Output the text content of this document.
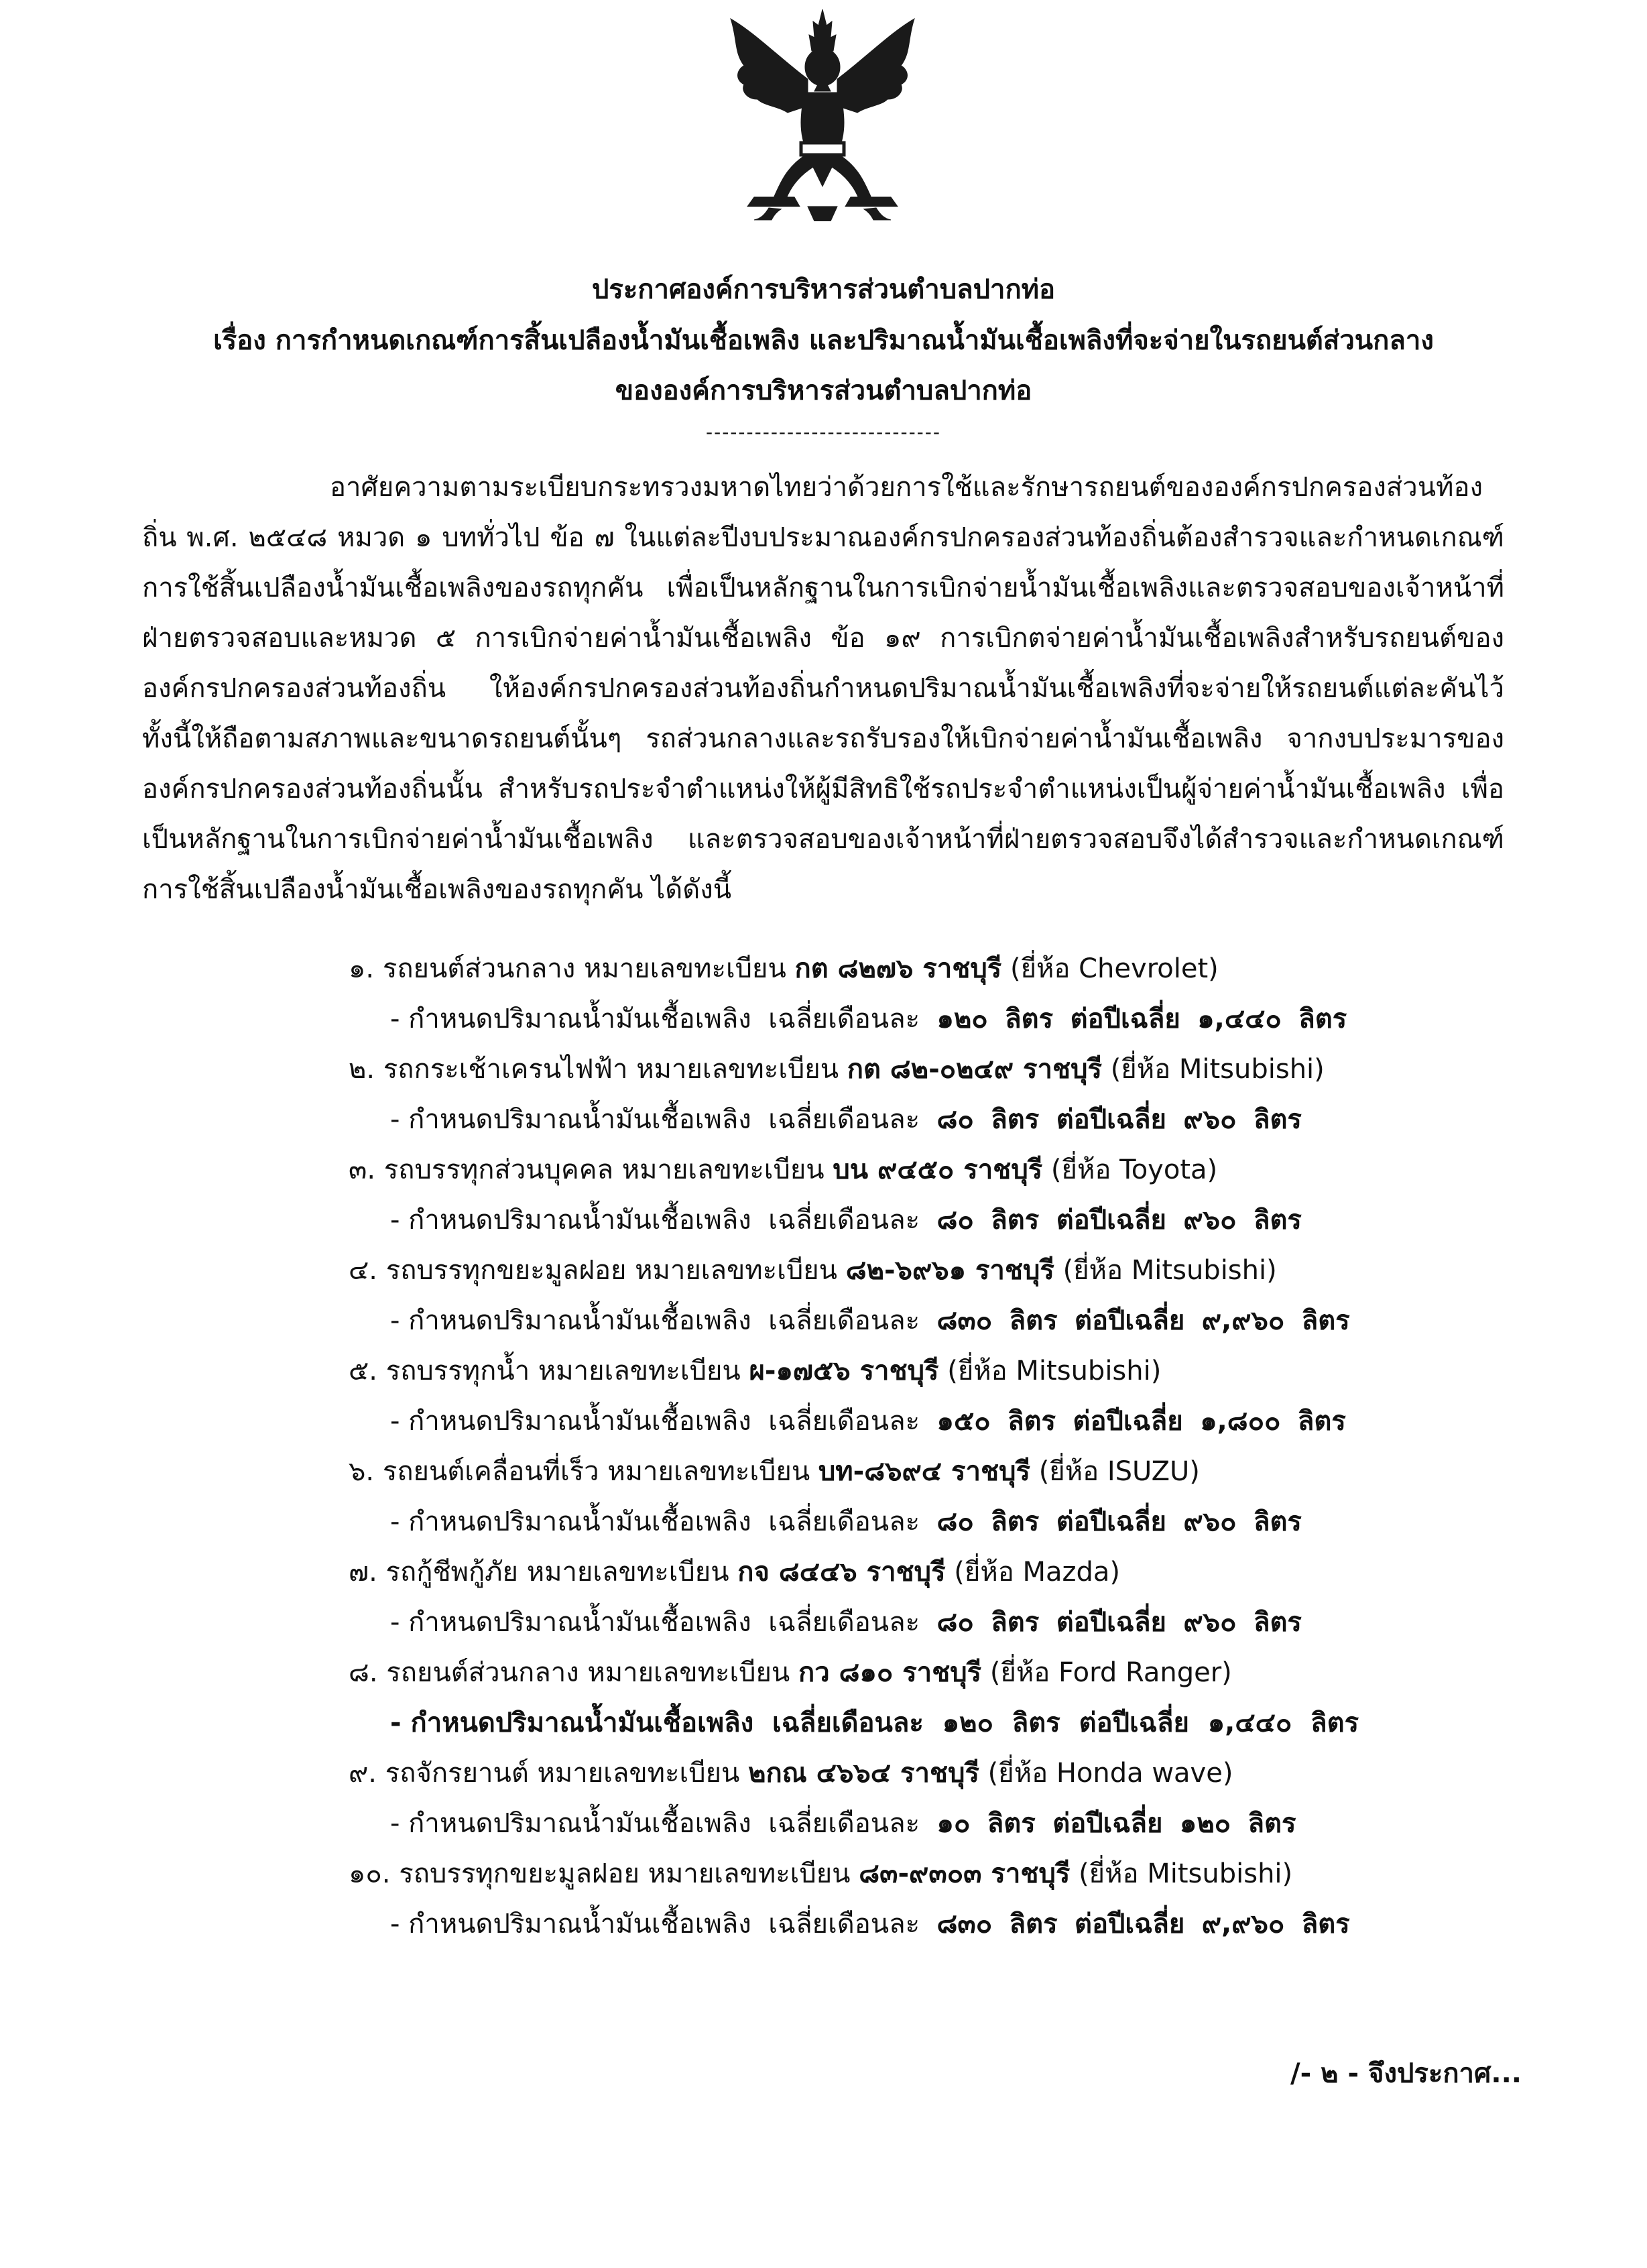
ประกาศองค์การบริหารส่วนตำบลปากท่อ
เรื่อง การกำหนดเกณฑ์การสิ้นเปลืองน้ำมันเชื้อเพลิง และปริมาณน้ำมันเชื้อเพลิงที่จะจ่ายในรถยนต์ส่วนกลาง
ขององค์การบริหารส่วนตำบลปากท่อ
-----------------------------
อาศัยความตามระเบียบกระทรวงมหาดไทยว่าด้วยการใช้และรักษารถยนต์ขององค์กรปกครองส่วนท้องถิ่น พ.ศ. ๒๕๔๘ หมวด ๑ บททั่วไป ข้อ ๗ ในแต่ละปีงบประมาณองค์กรปกครองส่วนท้องถิ่นต้องสำรวจและกำหนดเกณฑ์การใช้สิ้นเปลืองน้ำมันเชื้อเพลิงของรถทุกคัน เพื่อเป็นหลักฐานในการเบิกจ่ายน้ำมันเชื้อเพลิงและตรวจสอบของเจ้าหน้าที่ฝ่ายตรวจสอบและหมวด ๕ การเบิกจ่ายค่าน้ำมันเชื้อเพลิง ข้อ ๑๙ การเบิกตจ่ายค่าน้ำมันเชื้อเพลิงสำหรับรถยนต์ขององค์กรปกครองส่วนท้องถิ่น ให้องค์กรปกครองส่วนท้องถิ่นกำหนดปริมาณน้ำมันเชื้อเพลิงที่จะจ่ายให้รถยนต์แต่ละคันไว้ ทั้งนี้ให้ถือตามสภาพและขนาดรถยนต์นั้นๆ รถส่วนกลางและรถรับรองให้เบิกจ่ายค่าน้ำมันเชื้อเพลิง จากงบประมารขององค์กรปกครองส่วนท้องถิ่นนั้น สำหรับรถประจำตำแหน่งให้ผู้มีสิทธิใช้รถประจำตำแหน่งเป็นผู้จ่ายค่าน้ำมันเชื้อเพลิง เพื่อเป็นหลักฐานในการเบิกจ่ายค่าน้ำมันเชื้อเพลิง และตรวจสอบของเจ้าหน้าที่ฝ่ายตรวจสอบจึงได้สำรวจและกำหนดเกณฑ์การใช้สิ้นเปลืองน้ำมันเชื้อเพลิงของรถทุกคัน ได้ดังนี้
๑. รถยนต์ส่วนกลาง หมายเลขทะเบียน กต ๘๒๗๖ ราชบุรี (ยี่ห้อ Chevrolet)
- กำหนดปริมาณน้ำมันเชื้อเพลิง เฉลี่ยเดือนละ ๑๒๐ ลิตร ต่อปีเฉลี่ย ๑,๔๔๐ ลิตร
๒. รถกระเช้าเครนไฟฟ้า หมายเลขทะเบียน กต ๘๒-๐๒๔๙ ราชบุรี (ยี่ห้อ Mitsubishi)
- กำหนดปริมาณน้ำมันเชื้อเพลิง เฉลี่ยเดือนละ ๘๐ ลิตร ต่อปีเฉลี่ย ๙๖๐ ลิตร
๓. รถบรรทุกส่วนบุคคล หมายเลขทะเบียน บน ๙๔๕๐ ราชบุรี (ยี่ห้อ Toyota)
- กำหนดปริมาณน้ำมันเชื้อเพลิง เฉลี่ยเดือนละ ๘๐ ลิตร ต่อปีเฉลี่ย ๙๖๐ ลิตร
๔. รถบรรทุกขยะมูลฝอย หมายเลขทะเบียน ๘๒-๖๙๖๑ ราชบุรี (ยี่ห้อ Mitsubishi)
- กำหนดปริมาณน้ำมันเชื้อเพลิง เฉลี่ยเดือนละ ๘๓๐ ลิตร ต่อปีเฉลี่ย ๙,๙๖๐ ลิตร
๕. รถบรรทุกน้ำ หมายเลขทะเบียน ผ-๑๗๕๖ ราชบุรี (ยี่ห้อ Mitsubishi)
- กำหนดปริมาณน้ำมันเชื้อเพลิง เฉลี่ยเดือนละ ๑๕๐ ลิตร ต่อปีเฉลี่ย ๑,๘๐๐ ลิตร
๖. รถยนต์เคลื่อนที่เร็ว หมายเลขทะเบียน บท-๘๖๙๔ ราชบุรี (ยี่ห้อ ISUZU)
- กำหนดปริมาณน้ำมันเชื้อเพลิง เฉลี่ยเดือนละ ๘๐ ลิตร ต่อปีเฉลี่ย ๙๖๐ ลิตร
๗. รถกู้ชีพกู้ภัย หมายเลขทะเบียน กจ ๘๔๔๖ ราชบุรี (ยี่ห้อ Mazda)
- กำหนดปริมาณน้ำมันเชื้อเพลิง เฉลี่ยเดือนละ ๘๐ ลิตร ต่อปีเฉลี่ย ๙๖๐ ลิตร
๘. รถยนต์ส่วนกลาง หมายเลขทะเบียน กว ๘๑๐ ราชบุรี (ยี่ห้อ Ford Ranger)
- กำหนดปริมาณน้ำมันเชื้อเพลิง เฉลี่ยเดือนละ ๑๒๐ ลิตร ต่อปีเฉลี่ย ๑,๔๔๐ ลิตร
๙. รถจักรยานต์ หมายเลขทะเบียน ๒กณ ๔๖๖๔ ราชบุรี (ยี่ห้อ Honda wave)
- กำหนดปริมาณน้ำมันเชื้อเพลิง เฉลี่ยเดือนละ ๑๐ ลิตร ต่อปีเฉลี่ย ๑๒๐ ลิตร
๑๐. รถบรรทุกขยะมูลฝอย หมายเลขทะเบียน ๘๓-๙๓๐๓ ราชบุรี (ยี่ห้อ Mitsubishi)
- กำหนดปริมาณน้ำมันเชื้อเพลิง เฉลี่ยเดือนละ ๘๓๐ ลิตร ต่อปีเฉลี่ย ๙,๙๖๐ ลิตร
/- ๒ - จึงประกาศ...
